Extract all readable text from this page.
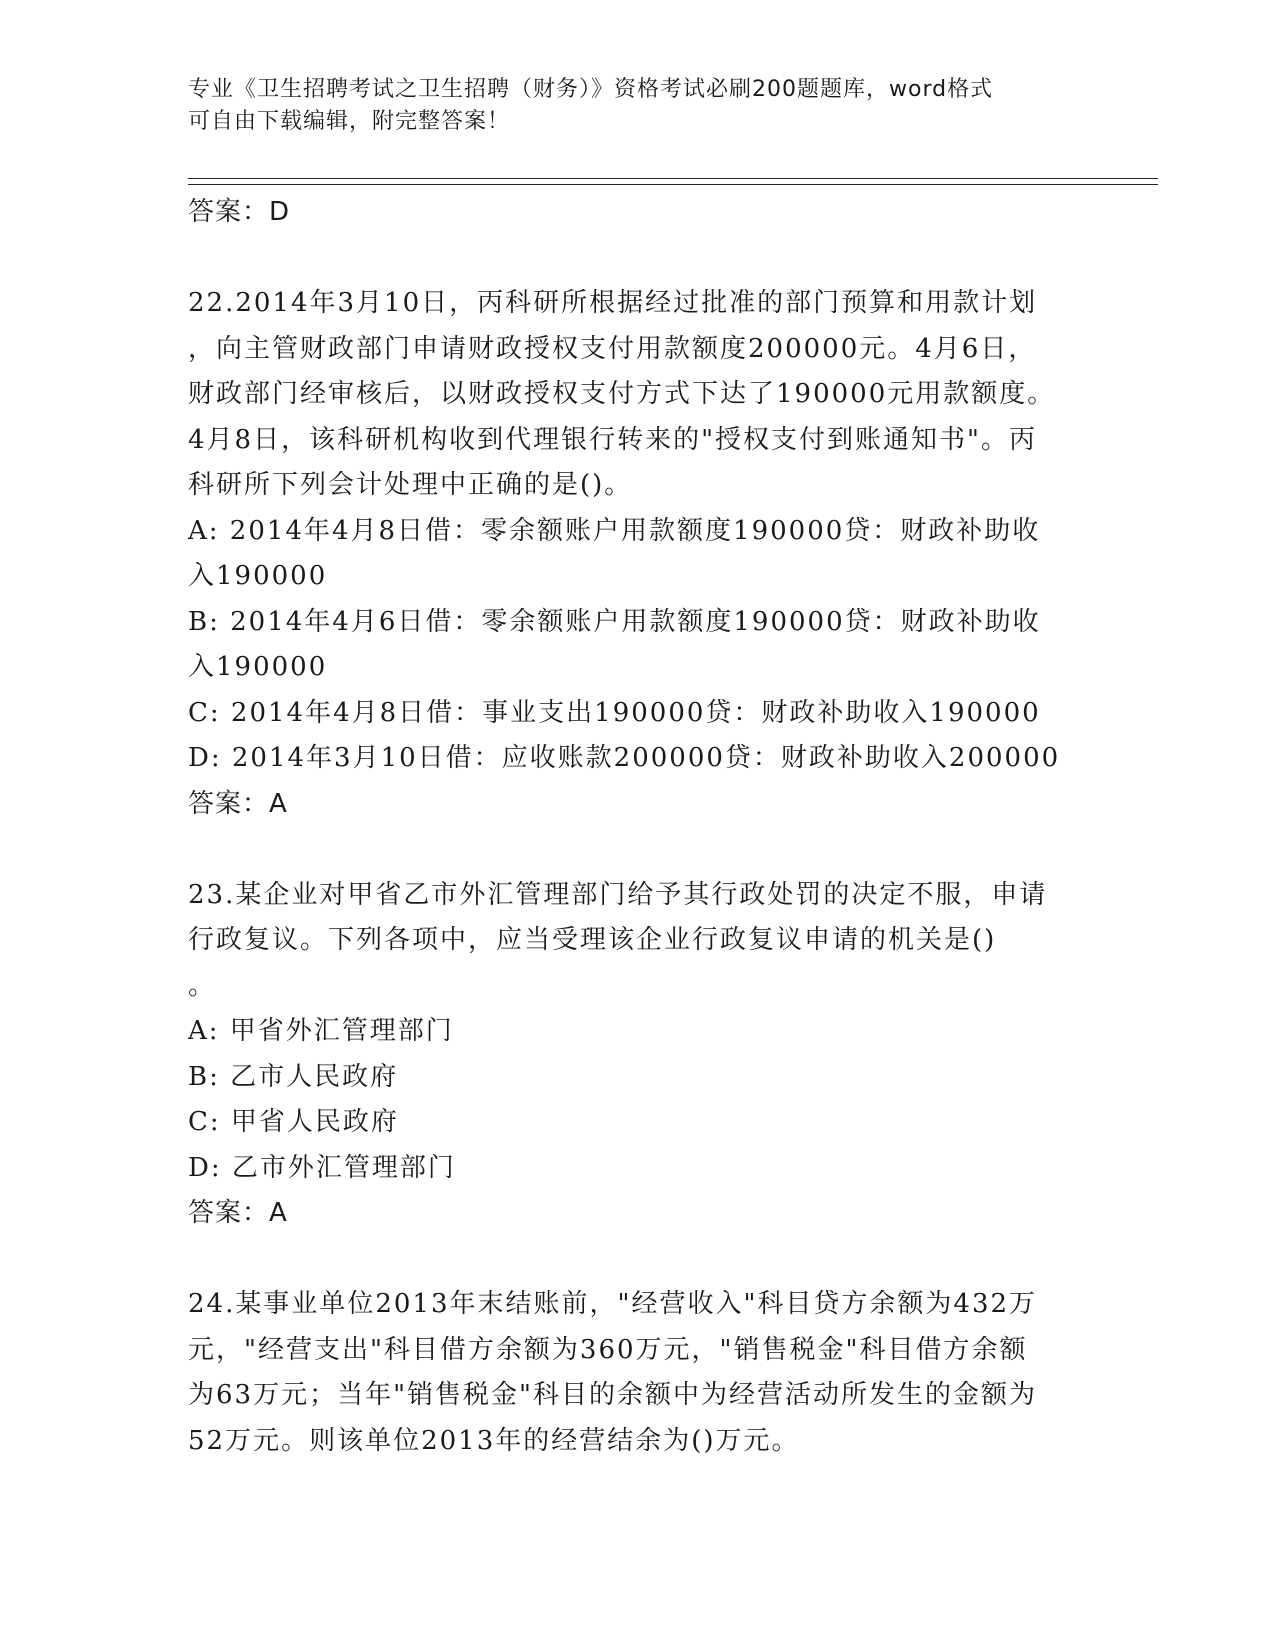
专业《卫生招聘考试之卫生招聘（财务）》资格考试必刷200题题库，word格式
可自由下载编辑，附完整答案！
答案：D
22.2014年3月10日，丙科研所根据经过批准的部门预算和用款计划
，向主管财政部门申请财政授权支付用款额度200000元。4月6日，
财政部门经审核后，以财政授权支付方式下达了190000元用款额度。
4月8日，该科研机构收到代理银行转来的"授权支付到账通知书"。丙
科研所下列会计处理中正确的是()。
A: 2014年4月8日借：零余额账户用款额度190000贷：财政补助收
入190000
B: 2014年4月6日借：零余额账户用款额度190000贷：财政补助收
入190000
C: 2014年4月8日借：事业支出190000贷：财政补助收入190000
D: 2014年3月10日借：应收账款200000贷：财政补助收入200000
答案：A
23.某企业对甲省乙市外汇管理部门给予其行政处罚的决定不服，申请
行政复议。下列各项中，应当受理该企业行政复议申请的机关是()
。
A: 甲省外汇管理部门
B: 乙市人民政府
C: 甲省人民政府
D: 乙市外汇管理部门
答案：A
24.某事业单位2013年末结账前，"经营收入"科目贷方余额为432万
元，"经营支出"科目借方余额为360万元，"销售税金"科目借方余额
为63万元；当年"销售税金"科目的余额中为经营活动所发生的金额为
52万元。则该单位2013年的经营结余为()万元。
